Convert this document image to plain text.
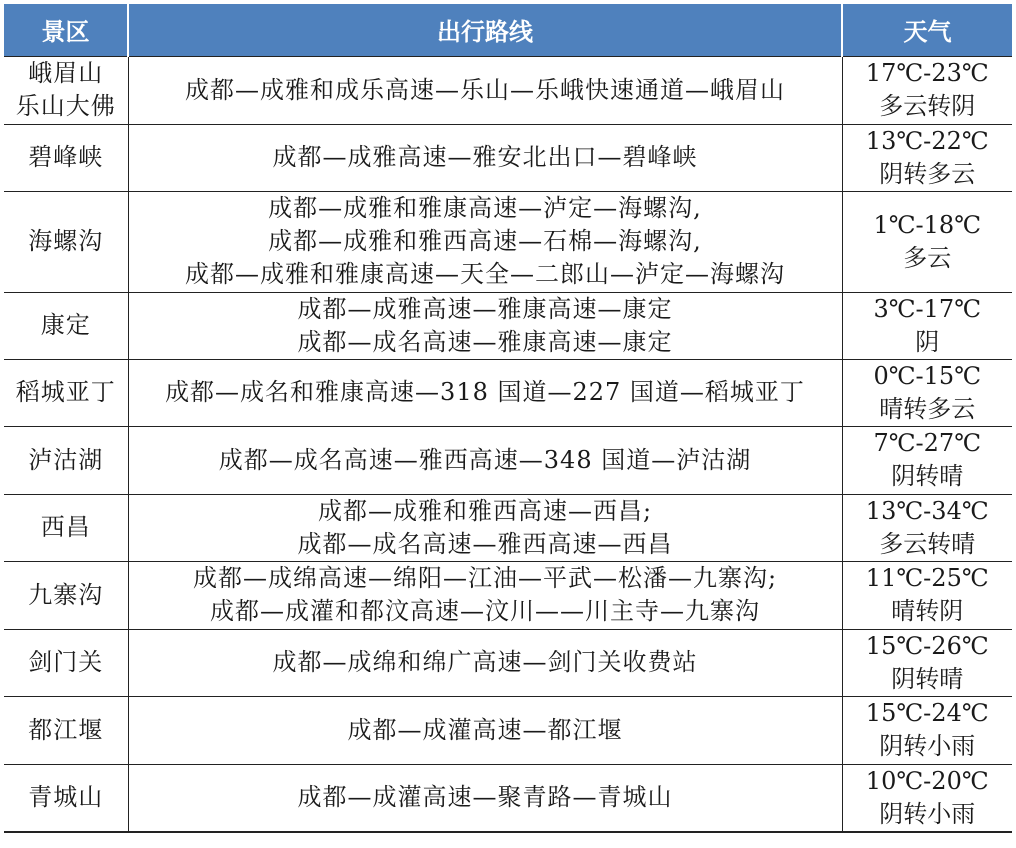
景区	出行路线	天气

峨眉山
乐山大佛	成都—成雅和成乐高速—乐山—乐峨快速通道—峨眉山	17℃-23℃
多云转阴

碧峰峡	成都—成雅高速—雅安北出口—碧峰峡	13℃-22℃
阴转多云

海螺沟	成都—成雅和雅康高速—泸定—海螺沟,
成都—成雅和雅西高速—石棉—海螺沟,
成都—成雅和雅康高速—天全—二郎山—泸定—海螺沟	1℃-18℃
多云

康定	成都—成雅高速—雅康高速—康定
成都—成名高速—雅康高速—康定	3℃-17℃
阴

稻城亚丁	成都—成名和雅康高速—318 国道—227 国道—稻城亚丁	0℃-15℃
晴转多云

泸沽湖	成都—成名高速—雅西高速—348 国道—泸沽湖	7℃-27℃
阴转晴

西昌	成都—成雅和雅西高速—西昌;
成都—成名高速—雅西高速—西昌	13℃-34℃
多云转晴

九寨沟	成都—成绵高速—绵阳—江油—平武—松潘—九寨沟;
成都—成灌和都汶高速—汶川——川主寺—九寨沟	11℃-25℃
晴转阴

剑门关	成都—成绵和绵广高速—剑门关收费站	15℃-26℃
阴转晴

都江堰	成都—成灌高速—都江堰	15℃-24℃
阴转小雨

青城山	成都—成灌高速—聚青路—青城山	10℃-20℃
阴转小雨
